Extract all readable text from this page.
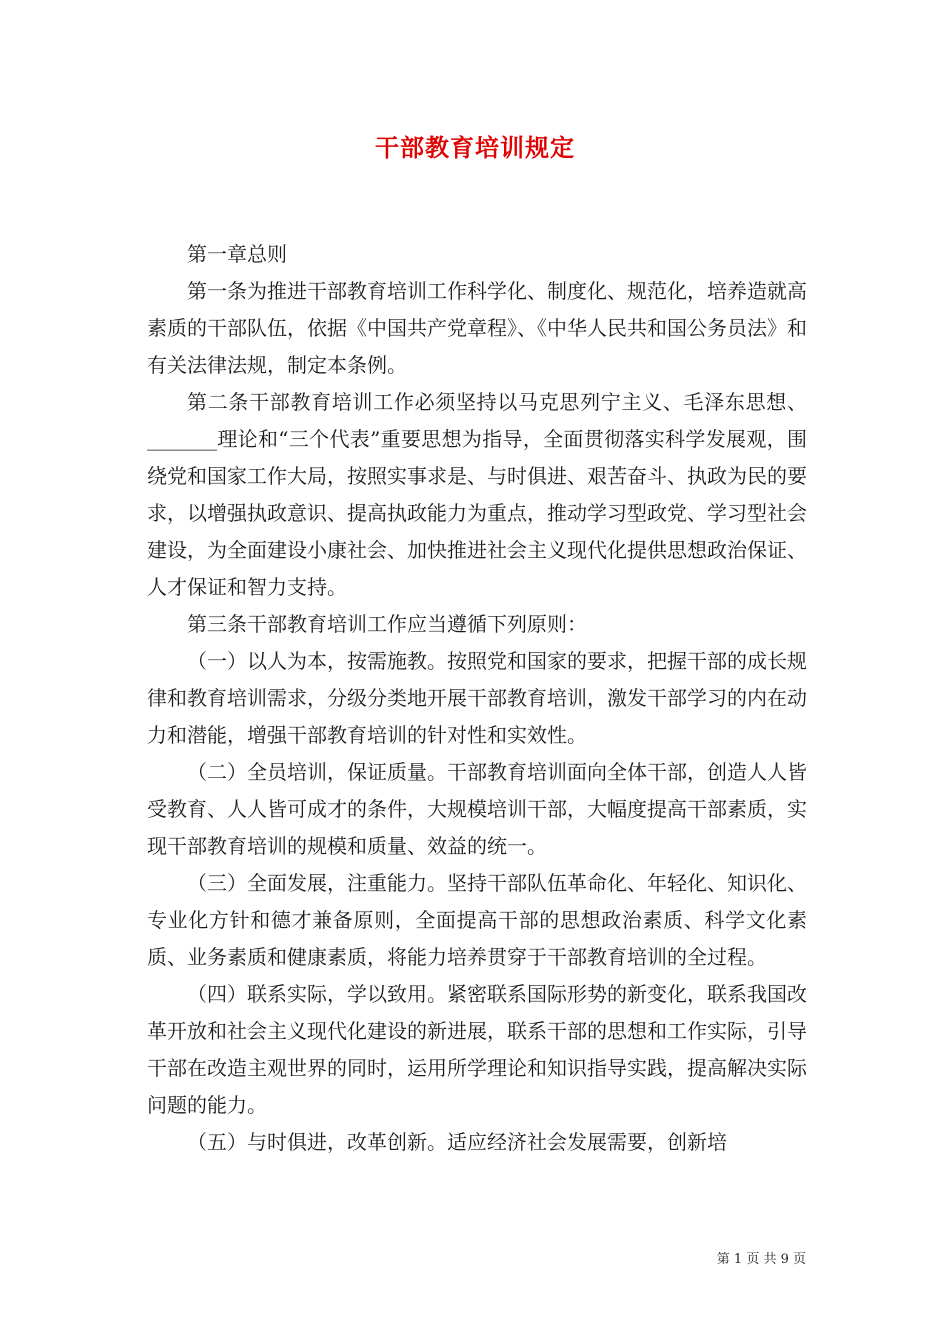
干部教育培训规定

第一章总则

第一条为推进干部教育培训工作科学化、制度化、规范化，培养造就高素质的干部队伍，依据《中国共产党章程》、《中华人民共和国公务员法》和有关法律法规，制定本条例。

第二条干部教育培训工作必须坚持以马克思列宁主义、毛泽东思想、_______理论和“三个代表”重要思想为指导，全面贯彻落实科学发展观，围绕党和国家工作大局，按照实事求是、与时俱进、艰苦奋斗、执政为民的要求，以增强执政意识、提高执政能力为重点，推动学习型政党、学习型社会建设，为全面建设小康社会、加快推进社会主义现代化提供思想政治保证、人才保证和智力支持。

第三条干部教育培训工作应当遵循下列原则：

（一）以人为本，按需施教。按照党和国家的要求，把握干部的成长规律和教育培训需求，分级分类地开展干部教育培训，激发干部学习的内在动力和潜能，增强干部教育培训的针对性和实效性。

（二）全员培训，保证质量。干部教育培训面向全体干部，创造人人皆受教育、人人皆可成才的条件，大规模培训干部，大幅度提高干部素质，实现干部教育培训的规模和质量、效益的统一。

（三）全面发展，注重能力。坚持干部队伍革命化、年轻化、知识化、专业化方针和德才兼备原则，全面提高干部的思想政治素质、科学文化素质、业务素质和健康素质，将能力培养贯穿于干部教育培训的全过程。

（四）联系实际，学以致用。紧密联系国际形势的新变化，联系我国改革开放和社会主义现代化建设的新进展，联系干部的思想和工作实际，引导干部在改造主观世界的同时，运用所学理论和知识指导实践，提高解决实际问题的能力。

（五）与时俱进，改革创新。适应经济社会发展需要，创新培

第 1 页 共 9 页
